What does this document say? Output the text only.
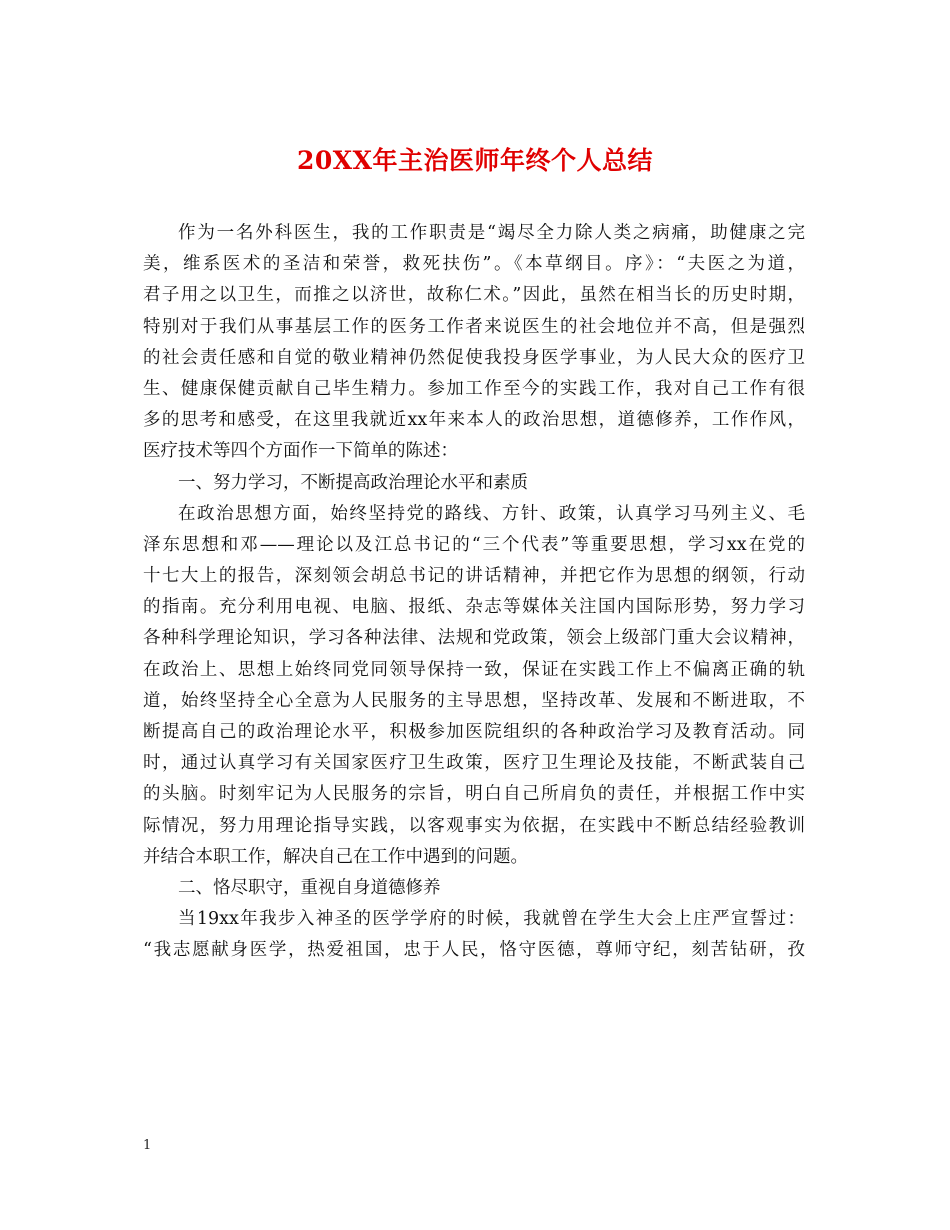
20XX年主治医师年终个人总结
作为一名外科医生，我的工作职责是“竭尽全力除人类之病痛，助健康之完
美，维系医术的圣洁和荣誉，救死扶伤”。《本草纲目。序》：“夫医之为道，
君子用之以卫生，而推之以济世，故称仁术。”因此，虽然在相当长的历史时期，
特别对于我们从事基层工作的医务工作者来说医生的社会地位并不高，但是强烈
的社会责任感和自觉的敬业精神仍然促使我投身医学事业，为人民大众的医疗卫
生、健康保健贡献自己毕生精力。参加工作至今的实践工作，我对自己工作有很
多的思考和感受，在这里我就近xx年来本人的政治思想，道德修养，工作作风，
医疗技术等四个方面作一下简单的陈述：
一、努力学习，不断提高政治理论水平和素质
在政治思想方面，始终坚持党的路线、方针、政策，认真学习马列主义、毛
泽东思想和邓——理论以及江总书记的“三个代表”等重要思想，学习xx在党的
十七大上的报告，深刻领会胡总书记的讲话精神，并把它作为思想的纲领，行动
的指南。充分利用电视、电脑、报纸、杂志等媒体关注国内国际形势，努力学习
各种科学理论知识，学习各种法律、法规和党政策，领会上级部门重大会议精神，
在政治上、思想上始终同党同领导保持一致，保证在实践工作上不偏离正确的轨
道，始终坚持全心全意为人民服务的主导思想，坚持改革、发展和不断进取，不
断提高自己的政治理论水平，积极参加医院组织的各种政治学习及教育活动。同
时，通过认真学习有关国家医疗卫生政策，医疗卫生理论及技能，不断武装自己
的头脑。时刻牢记为人民服务的宗旨，明白自己所肩负的责任，并根据工作中实
际情况，努力用理论指导实践，以客观事实为依据，在实践中不断总结经验教训
并结合本职工作，解决自己在工作中遇到的问题。
二、恪尽职守，重视自身道德修养
当19xx年我步入神圣的医学学府的时候，我就曾在学生大会上庄严宣誓过：
“我志愿献身医学，热爱祖国，忠于人民，恪守医德，尊师守纪，刻苦钻研，孜
1
